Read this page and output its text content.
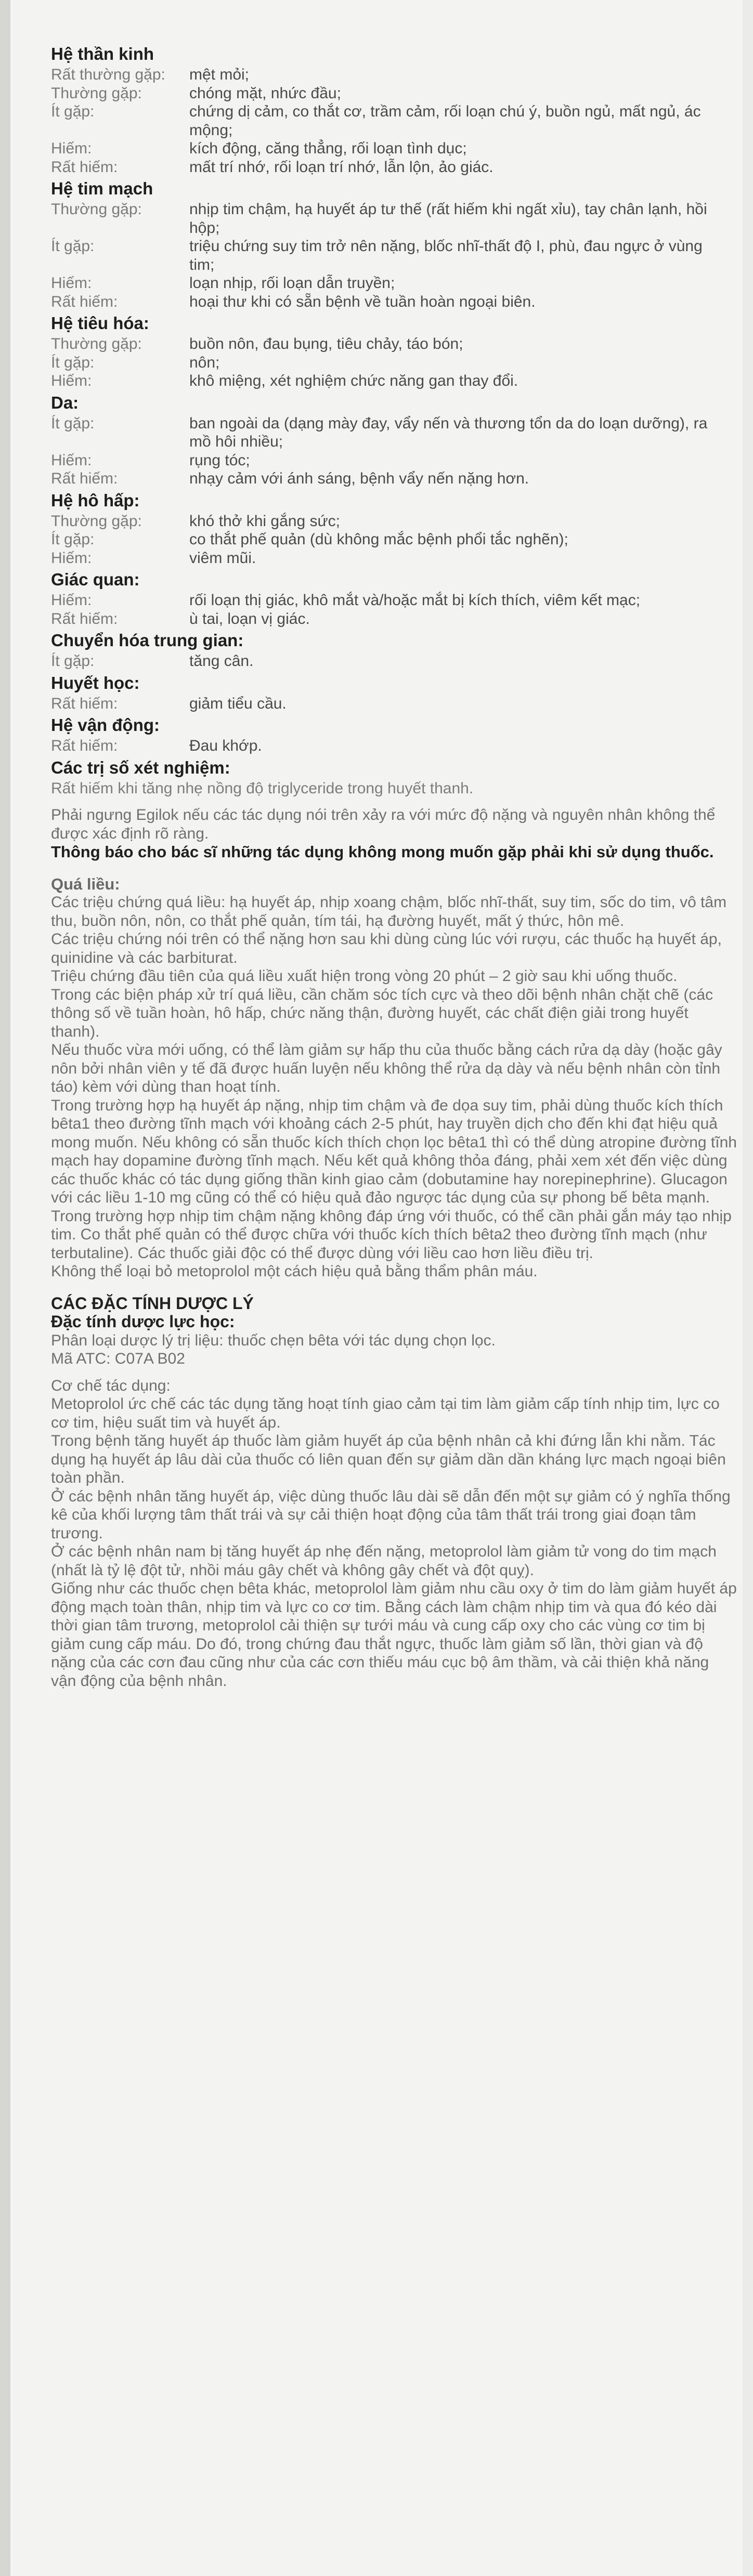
Hệ thần kinh
Rất thường gặp:	mệt mỏi;
Thường gặp:	chóng mặt, nhức đầu;
Ít gặp:	chứng dị cảm, co thắt cơ, trầm cảm, rối loạn chú ý, buồn ngủ, mất ngủ, ác mộng;
Hiếm:	kích động, căng thẳng, rối loạn tình dục;
Rất hiếm:	mất trí nhớ, rối loạn trí nhớ, lẫn lộn, ảo giác.
Hệ tim mạch
Thường gặp:	nhịp tim chậm, hạ huyết áp tư thế (rất hiếm khi ngất xỉu), tay chân lạnh, hồi hộp;
Ít gặp:	triệu chứng suy tim trở nên nặng, blốc nhĩ-thất độ I, phù, đau ngực ở vùng tim;
Hiếm:	loạn nhịp, rối loạn dẫn truyền;
Rất hiếm:	hoại thư khi có sẵn bệnh về tuần hoàn ngoại biên.
Hệ tiêu hóa:
Thường gặp:	buồn nôn, đau bụng, tiêu chảy, táo bón;
Ít gặp:	nôn;
Hiếm:	khô miệng, xét nghiệm chức năng gan thay đổi.
Da:
Ít gặp:	ban ngoài da (dạng mày đay, vẩy nến và thương tổn da do loạn dưỡng), ra mồ hôi nhiều;
Hiếm:	rụng tóc;
Rất hiếm:	nhạy cảm với ánh sáng, bệnh vẩy nến nặng hơn.
Hệ hô hấp:
Thường gặp:	khó thở khi gắng sức;
Ít gặp:	co thắt phế quản (dù không mắc bệnh phổi tắc nghẽn);
Hiếm:	viêm mũi.
Giác quan:
Hiếm:	rối loạn thị giác, khô mắt và/hoặc mắt bị kích thích, viêm kết mạc;
Rất hiếm:	ù tai, loạn vị giác.
Chuyển hóa trung gian:
Ít gặp:	tăng cân.
Huyết học:
Rất hiếm:	giảm tiểu cầu.
Hệ vận động:
Rất hiếm:	Đau khớp.
Các trị số xét nghiệm:
Rất hiếm khi tăng nhẹ nồng độ triglyceride trong huyết thanh.
Phải ngưng Egilok nếu các tác dụng nói trên xảy ra với mức độ nặng và nguyên nhân không thể được xác định rõ ràng.
Thông báo cho bác sĩ những tác dụng không mong muốn gặp phải khi sử dụng thuốc.
Quá liều:
Các triệu chứng quá liều: hạ huyết áp, nhịp xoang chậm, blốc nhĩ-thất, suy tim, sốc do tim, vô tâm thu, buồn nôn, nôn, co thắt phế quản, tím tái, hạ đường huyết, mất ý thức, hôn mê.
Các triệu chứng nói trên có thể nặng hơn sau khi dùng cùng lúc với rượu, các thuốc hạ huyết áp, quinidine và các barbiturat.
Triệu chứng đầu tiên của quá liều xuất hiện trong vòng 20 phút – 2 giờ sau khi uống thuốc.
Trong các biện pháp xử trí quá liều, cần chăm sóc tích cực và theo dõi bệnh nhân chặt chẽ (các thông số về tuần hoàn, hô hấp, chức năng thận, đường huyết, các chất điện giải trong huyết thanh).
Nếu thuốc vừa mới uống, có thể làm giảm sự hấp thu của thuốc bằng cách rửa dạ dày (hoặc gây nôn bởi nhân viên y tế đã được huấn luyện nếu không thể rửa dạ dày và nếu bệnh nhân còn tỉnh táo) kèm với dùng than hoạt tính.
Trong trường hợp hạ huyết áp nặng, nhịp tim chậm và đe dọa suy tim, phải dùng thuốc kích thích bêta1 theo đường tĩnh mạch với khoảng cách 2-5 phút, hay truyền dịch cho đến khi đạt hiệu quả mong muốn. Nếu không có sẵn thuốc kích thích chọn lọc bêta1 thì có thể dùng atropine đường tĩnh mạch hay dopamine đường tĩnh mạch. Nếu kết quả không thỏa đáng, phải xem xét đến việc dùng các thuốc khác có tác dụng giống thần kinh giao cảm (dobutamine hay norepinephrine). Glucagon với các liều 1-10 mg cũng có thể có hiệu quả đảo ngược tác dụng của sự phong bế bêta mạnh. Trong trường hợp nhịp tim chậm nặng không đáp ứng với thuốc, có thể cần phải gắn máy tạo nhịp tim. Co thắt phế quản có thể được chữa với thuốc kích thích bêta2 theo đường tĩnh mạch (như terbutaline). Các thuốc giải độc có thể được dùng với liều cao hơn liều điều trị.
Không thể loại bỏ metoprolol một cách hiệu quả bằng thẩm phân máu.
CÁC ĐẶC TÍNH DƯỢC LÝ
Đặc tính dược lực học:
Phân loại dược lý trị liệu: thuốc chẹn bêta với tác dụng chọn lọc.
Mã ATC: C07A B02
Cơ chế tác dụng:
Metoprolol ức chế các tác dụng tăng hoạt tính giao cảm tại tim làm giảm cấp tính nhịp tim, lực co cơ tim, hiệu suất tim và huyết áp.
Trong bệnh tăng huyết áp thuốc làm giảm huyết áp của bệnh nhân cả khi đứng lẫn khi nằm. Tác dụng hạ huyết áp lâu dài của thuốc có liên quan đến sự giảm dần dần kháng lực mạch ngoại biên toàn phần.
Ở các bệnh nhân tăng huyết áp, việc dùng thuốc lâu dài sẽ dẫn đến một sự giảm có ý nghĩa thống kê của khối lượng tâm thất trái và sự cải thiện hoạt động của tâm thất trái trong giai đoạn tâm trương.
Ở các bệnh nhân nam bị tăng huyết áp nhẹ đến nặng, metoprolol làm giảm tử vong do tim mạch (nhất là tỷ lệ đột tử, nhồi máu gây chết và không gây chết và đột quỵ).
Giống như các thuốc chẹn bêta khác, metoprolol làm giảm nhu cầu oxy ở tim do làm giảm huyết áp động mạch toàn thân, nhịp tim và lực co cơ tim. Bằng cách làm chậm nhịp tim và qua đó kéo dài thời gian tâm trương, metoprolol cải thiện sự tưới máu và cung cấp oxy cho các vùng cơ tim bị giảm cung cấp máu. Do đó, trong chứng đau thắt ngực, thuốc làm giảm số lần, thời gian và độ nặng của các cơn đau cũng như của các cơn thiếu máu cục bộ âm thầm, và cải thiện khả năng vận động của bệnh nhân.
